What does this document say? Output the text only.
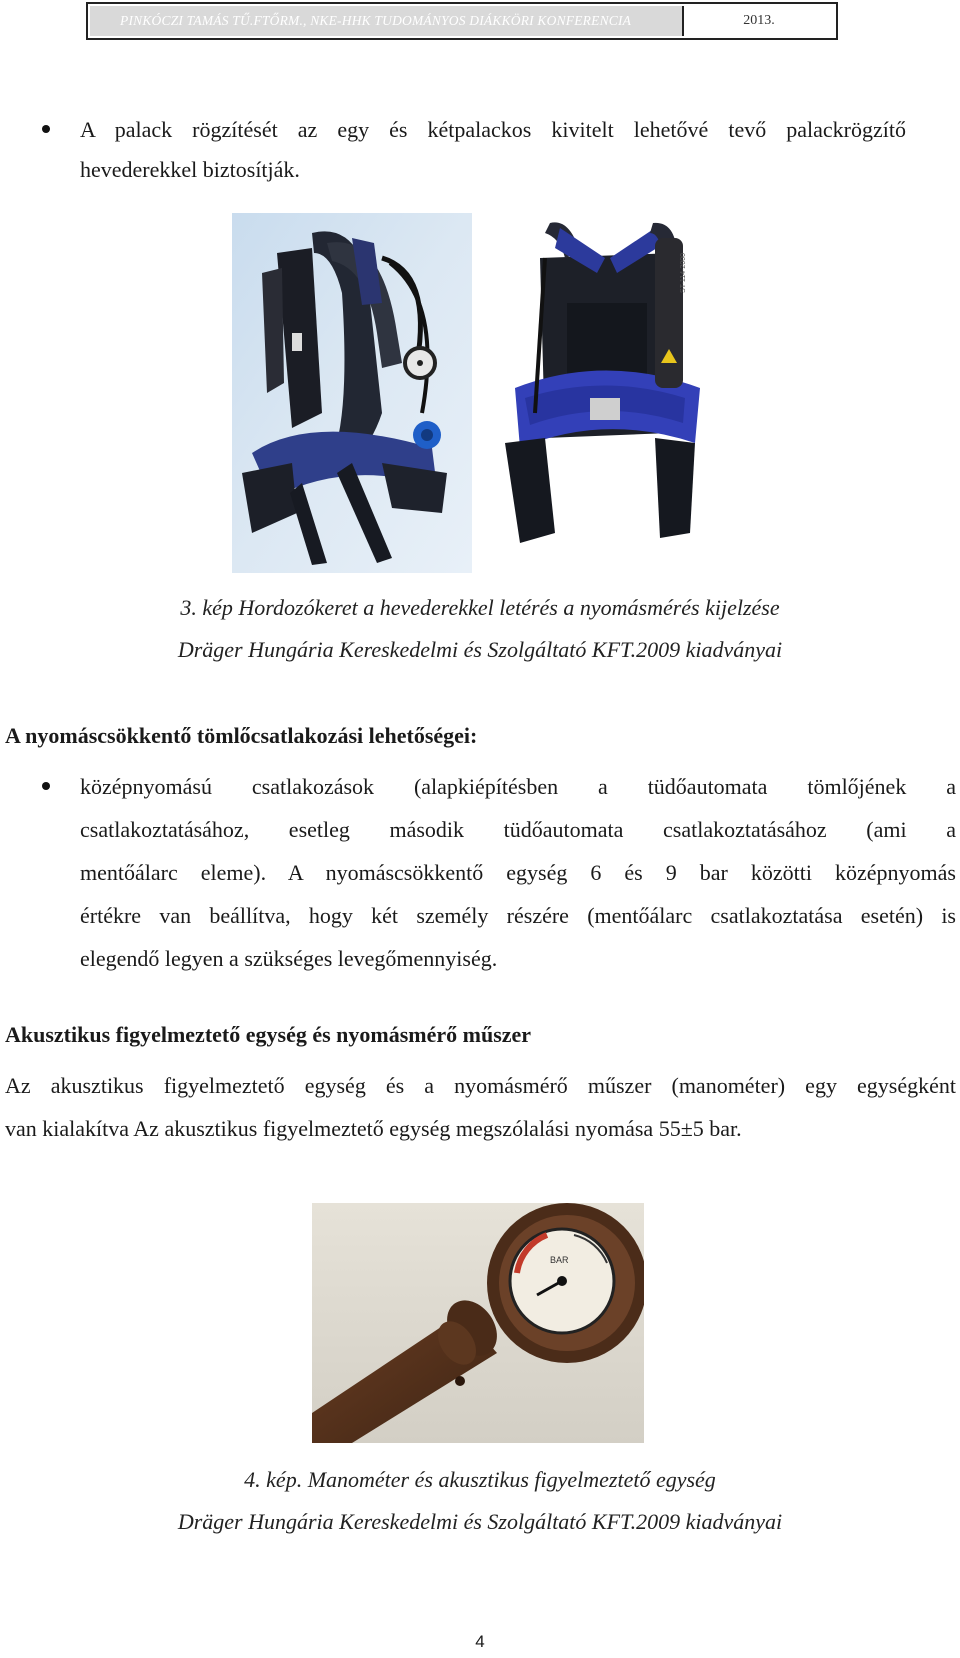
PINKÓCZI TAMÁS TŰ.FTŐRM., NKE-HHK TUDOMÁNYOS DIÁKKÖRI KONFERENCIA	2013.
A palack rögzítését az egy és kétpalackos kivitelt lehetővé tevő palackrögzítő
hevederekkel biztosítják.
ST-114-2000
3. kép Hordozókeret a hevederekkel letérés a nyomásmérés kijelzése
Dräger Hungária Kereskedelmi és Szolgáltató KFT.2009 kiadványai
A nyomáscsökkentő tömlőcsatlakozási lehetőségei:
középnyomású csatlakozások (alapkiépítésben a tüdőautomata tömlőjének a
csatlakoztatásához, esetleg második tüdőautomata csatlakoztatásához (ami a
mentőálarc eleme). A nyomáscsökkentő egység 6 és 9 bar közötti középnyomás
értékre van beállítva, hogy két személy részére (mentőálarc csatlakoztatása esetén) is
elegendő legyen a szükséges levegőmennyiség.
Akusztikus figyelmeztető egység és nyomásmérő műszer
Az akusztikus figyelmeztető egység és a nyomásmérő műszer (manométer) egy egységként
van kialakítva Az akusztikus figyelmeztető egység megszólalási nyomása 55±5 bar.
BAR
4. kép. Manométer és akusztikus figyelmeztető egység
Dräger Hungária Kereskedelmi és Szolgáltató KFT.2009 kiadványai
4
